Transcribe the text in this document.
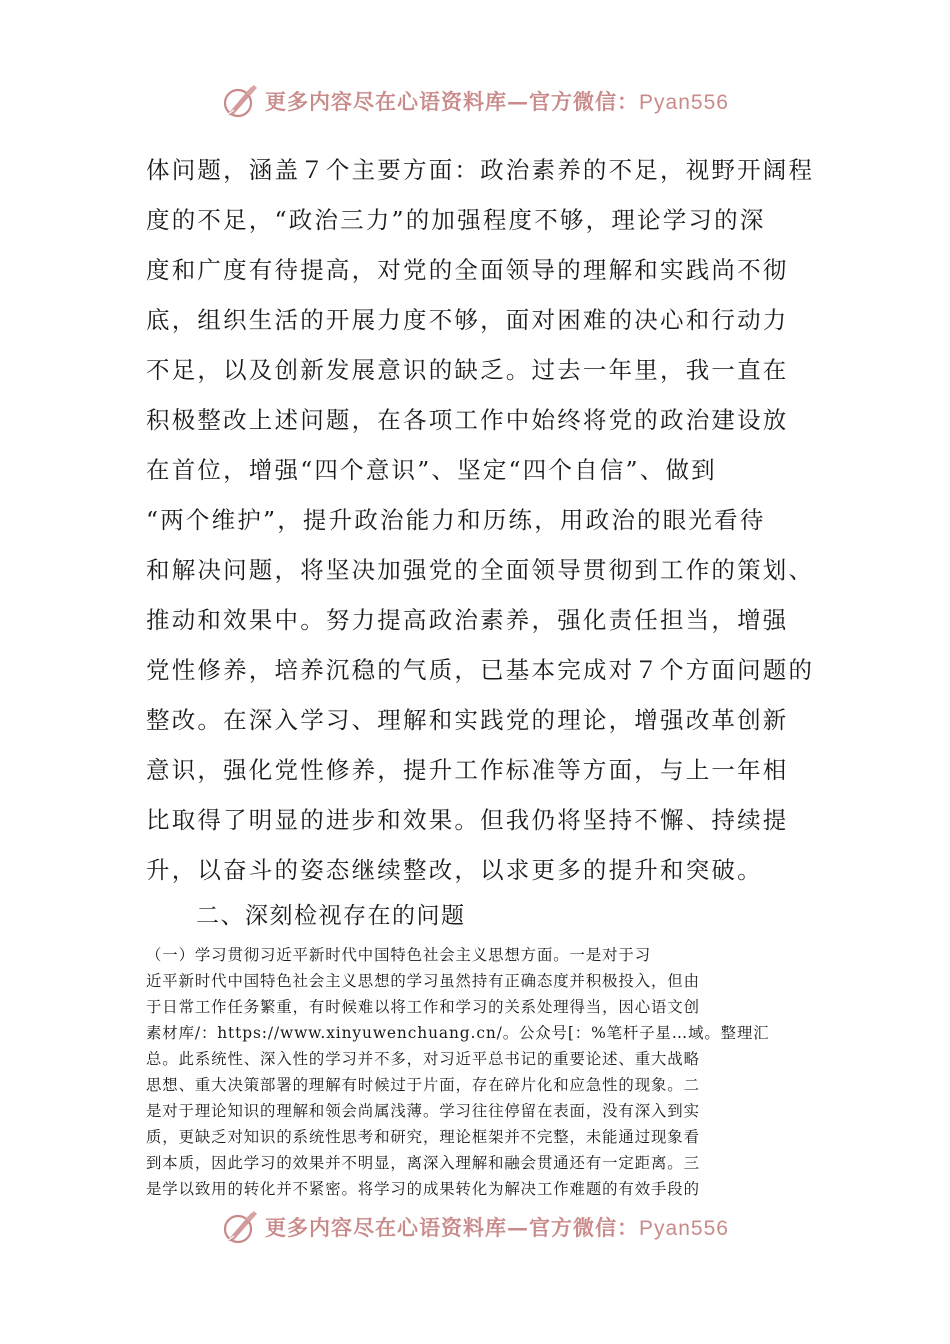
更多内容尽在心语资料库—官方微信：Pyan556
体问题，涵盖７个主要方面：政治素养的不足，视野开阔程
度的不足，“政治三力”的加强程度不够，理论学习的深
度和广度有待提高，对党的全面领导的理解和实践尚不彻
底，组织生活的开展力度不够，面对困难的决心和行动力
不足，以及创新发展意识的缺乏。过去一年里，我一直在
积极整改上述问题，在各项工作中始终将党的政治建设放
在首位，增强“四个意识”、坚定“四个自信”、做到
“两个维护”，提升政治能力和历练，用政治的眼光看待
和解决问题，将坚决加强党的全面领导贯彻到工作的策划、
推动和效果中。努力提高政治素养，强化责任担当，增强
党性修养，培养沉稳的气质，已基本完成对７个方面问题的
整改。在深入学习、理解和实践党的理论，增强改革创新
意识，强化党性修养，提升工作标准等方面，与上一年相
比取得了明显的进步和效果。但我仍将坚持不懈、持续提
升，以奋斗的姿态继续整改，以求更多的提升和突破。
二、深刻检视存在的问题
（一）学习贯彻习近平新时代中国特色社会主义思想方面。一是对于习
近平新时代中国特色社会主义思想的学习虽然持有正确态度并积极投入，但由
于日常工作任务繁重，有时候难以将工作和学习的关系处理得当，因心语文创
素材库/：https://www.xinyuwenchuang.cn/。公众号[：%笔杆子星…域。整理汇
总。此系统性、深入性的学习并不多，对习近平总书记的重要论述、重大战略
思想、重大决策部署的理解有时候过于片面，存在碎片化和应急性的现象。二
是对于理论知识的理解和领会尚属浅薄。学习往往停留在表面，没有深入到实
质，更缺乏对知识的系统性思考和研究，理论框架并不完整，未能通过现象看
到本质，因此学习的效果并不明显，离深入理解和融会贯通还有一定距离。三
是学以致用的转化并不紧密。将学习的成果转化为解决工作难题的有效手段的
更多内容尽在心语资料库—官方微信：Pyan556
